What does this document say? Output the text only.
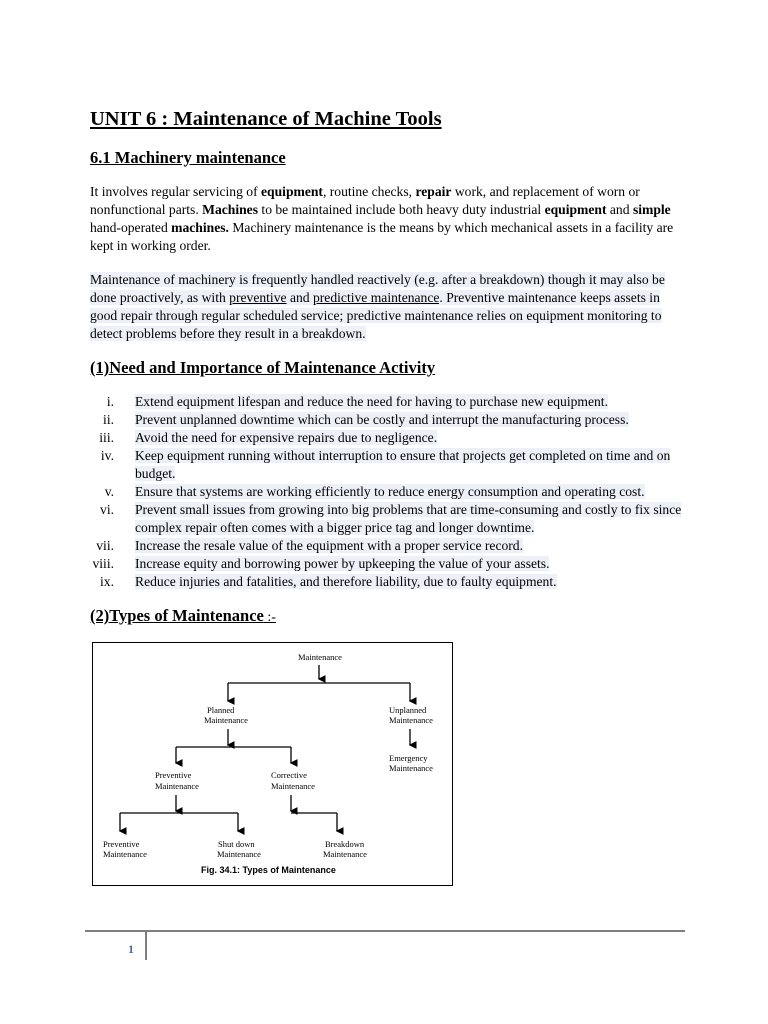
UNIT 6 : Maintenance of Machine Tools
6.1 Machinery maintenance

It involves regular servicing of equipment, routine checks, repair work, and replacement of worn or nonfunctional parts. Machines to be maintained include both heavy duty industrial equipment and simple hand-operated machines. Machinery maintenance is the means by which mechanical assets in a facility are kept in working order.

Maintenance of machinery is frequently handled reactively (e.g. after a breakdown) though it may also be done proactively, as with preventive and predictive maintenance. Preventive maintenance keeps assets in good repair through regular scheduled service; predictive maintenance relies on equipment monitoring to detect problems before they result in a breakdown.

(1)Need and Importance of Maintenance Activity
i. Extend equipment lifespan and reduce the need for having to purchase new equipment.
ii. Prevent unplanned downtime which can be costly and interrupt the manufacturing process.
iii. Avoid the need for expensive repairs due to negligence.
iv. Keep equipment running without interruption to ensure that projects get completed on time and on budget.
v. Ensure that systems are working efficiently to reduce energy consumption and operating cost.
vi. Prevent small issues from growing into big problems that are time-consuming and costly to fix since complex repair often comes with a bigger price tag and longer downtime.
vii. Increase the resale value of the equipment with a proper service record.
viii. Increase equity and borrowing power by upkeeping the value of your assets.
ix. Reduce injuries and fatalities, and therefore liability, due to faulty equipment.
(2)Types of Maintenance :-
Maintenance
Planned
Maintenance
Unplanned
Maintenance
Emergency
Maintenance
Preventive
Maintenance
Corrective
Maintenance
Preventive
Maintenance
Shut down
Maintenance
Breakdown
Maintenance
Fig. 34.1: Types of Maintenance
1
